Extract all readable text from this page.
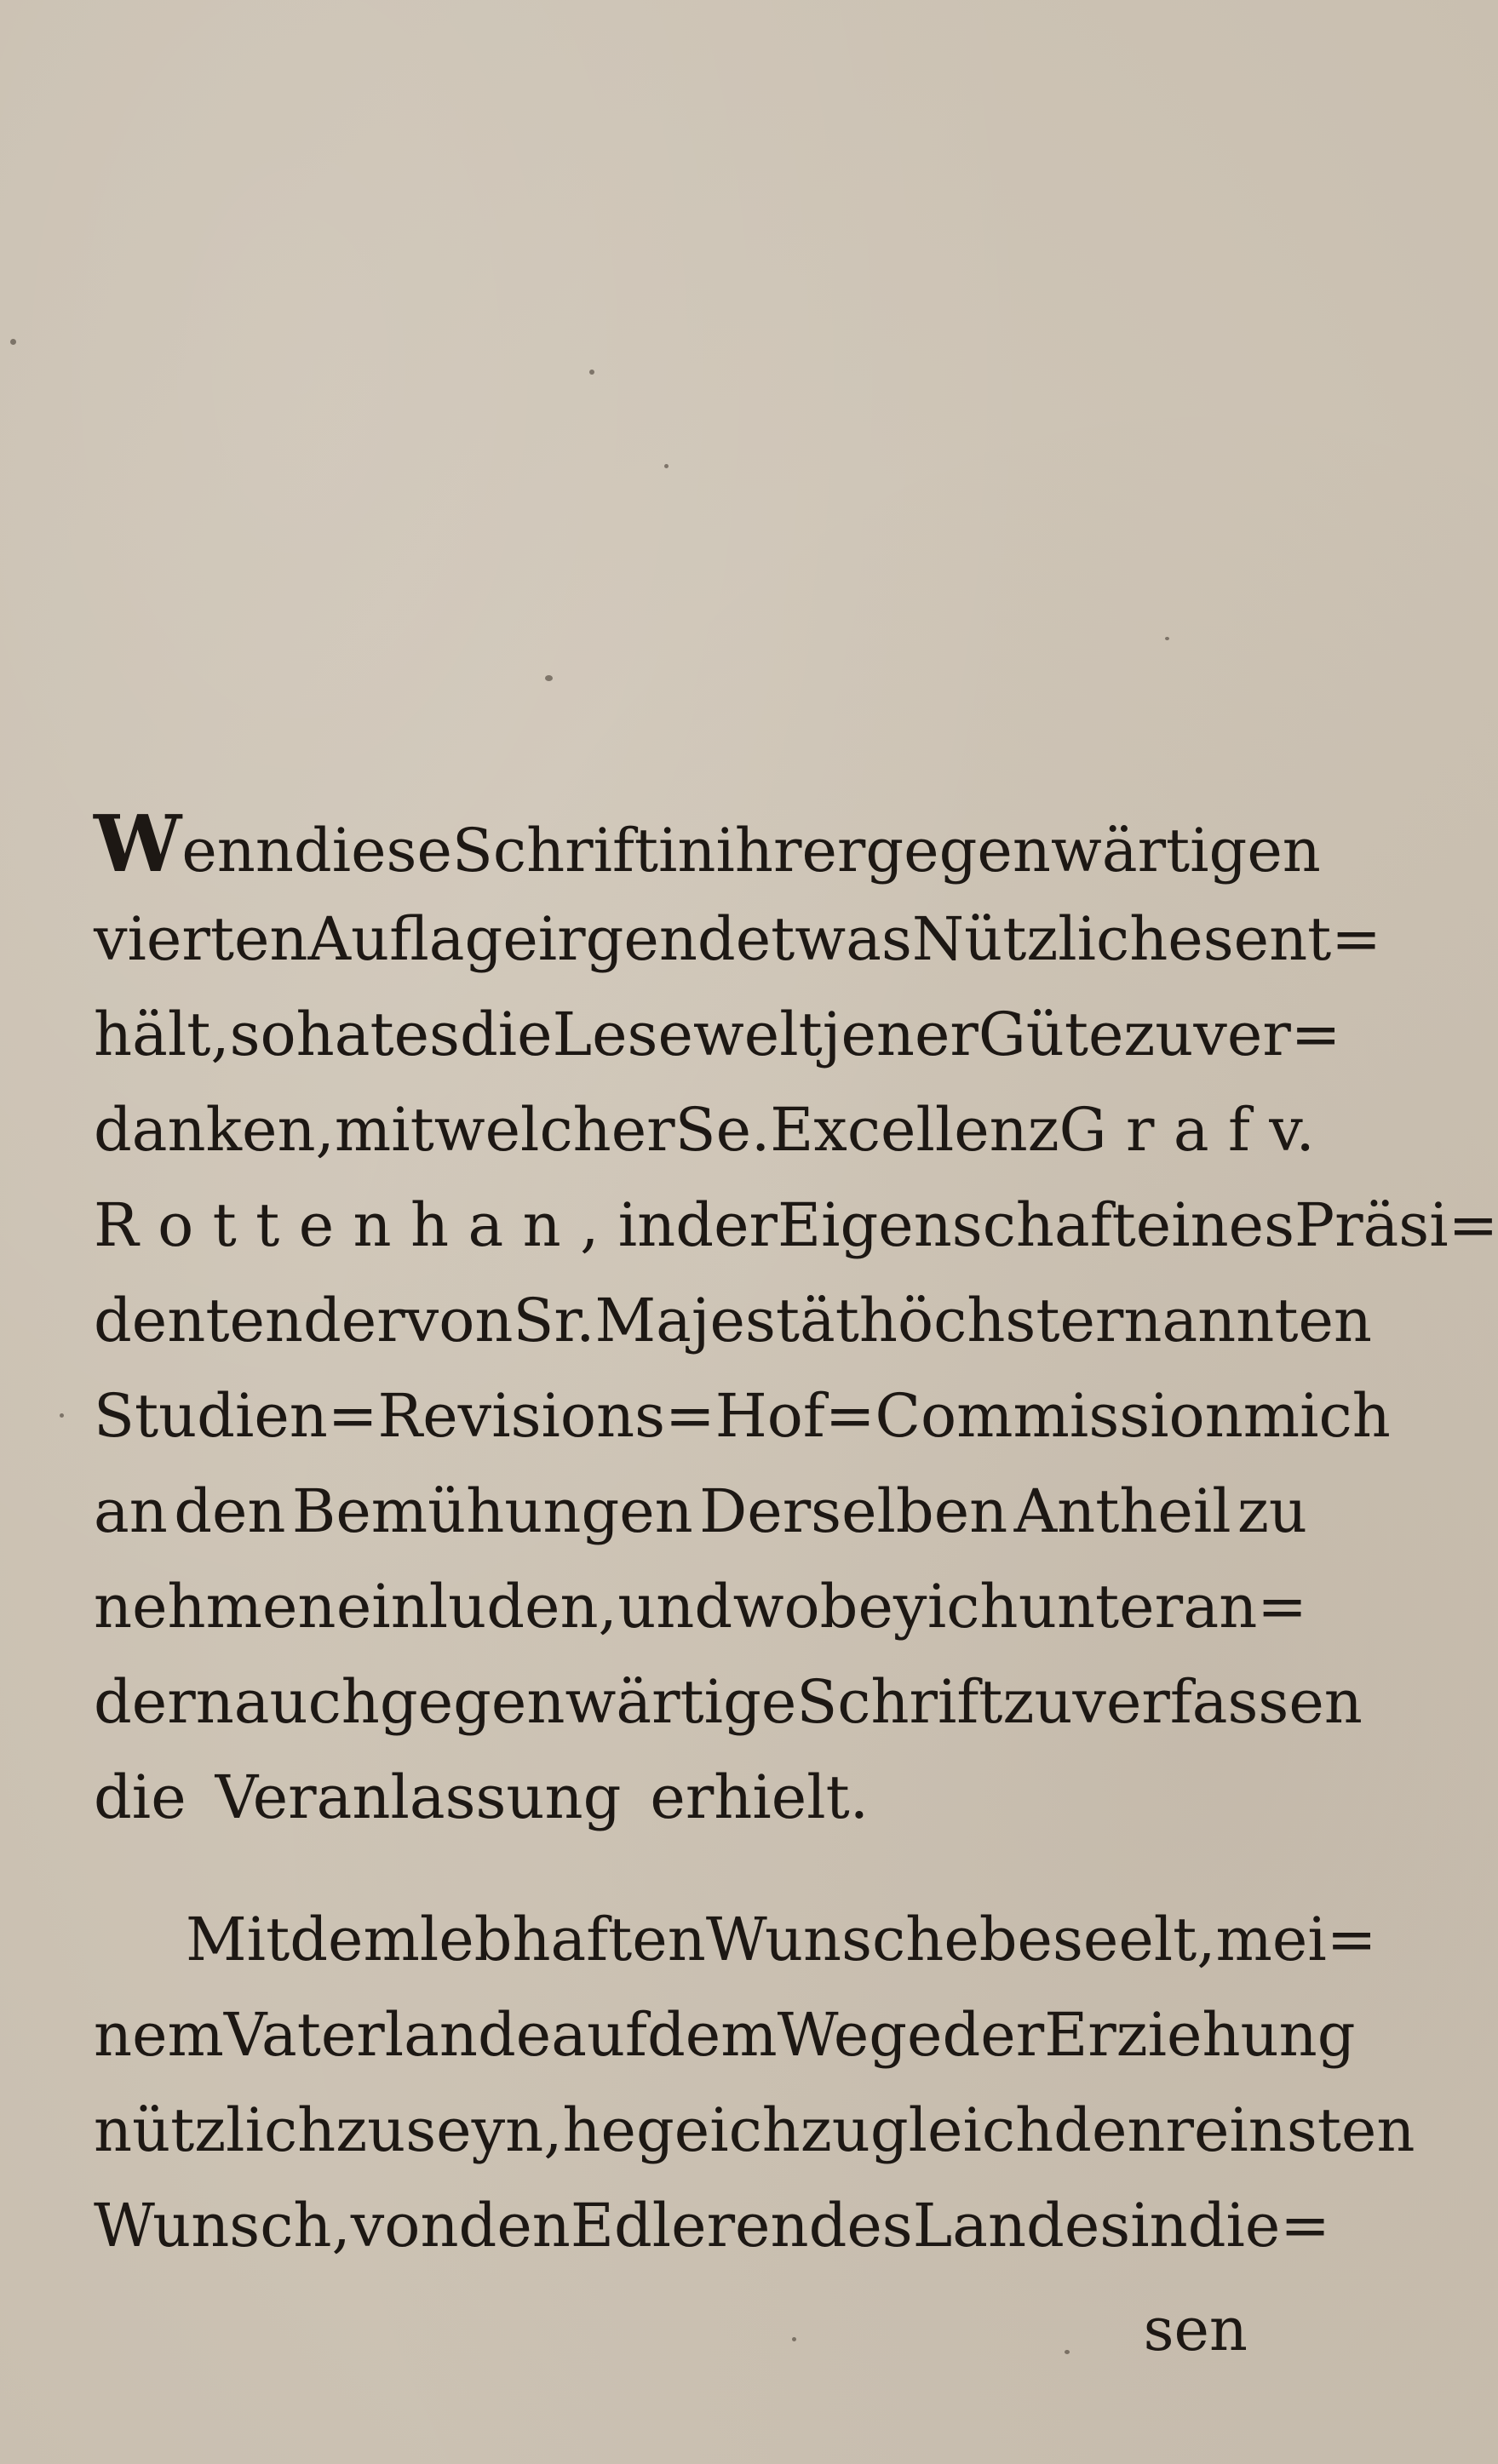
Wenn diese Schrift in ihrer gegenwärtigen
vierten Auflage irgend etwas Nützliches ent=
hält, so hat es die Lesewelt jener Güte zu ver=
danken, mit welcher Se. Excellenz Graf v.
Rottenhan, in der Eigenschaft eines Präsi=
denten der von Sr. Majestät höchsternannten
Studien= Revisions= Hof= Commission mich
an den Bemühungen Derselben Antheil zu
nehmen einluden, und wobey ich unter an=
dern auch gegenwärtige Schrift zu verfassen
die Veranlassung erhielt.
Mit dem lebhaften Wunsche beseelt, mei=
nem Vaterlande auf dem Wege der Erziehung
nützlich zu seyn, hege ich zugleich den reinsten
Wunsch, von den Edleren des Landes in die=
sen
